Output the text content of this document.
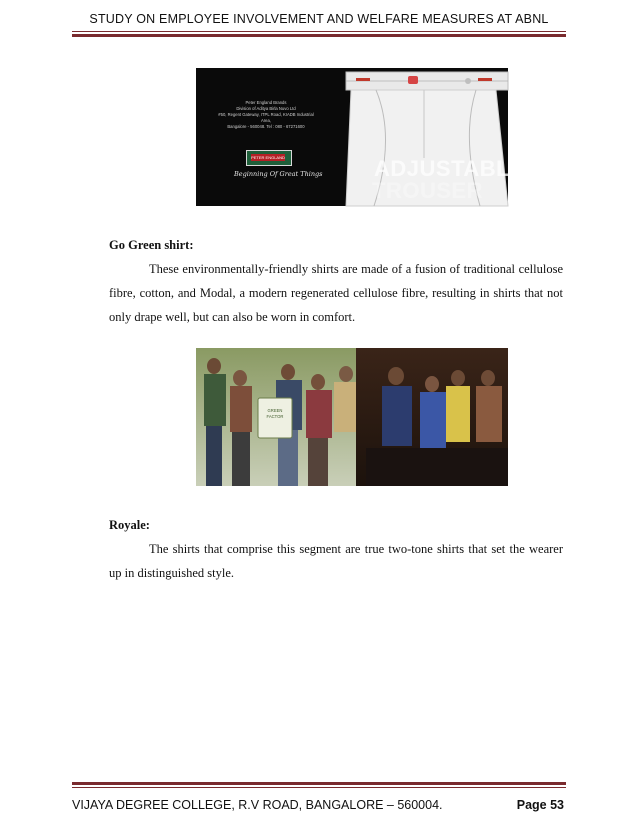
STUDY ON EMPLOYEE INVOLVEMENT AND WELFARE MEASURES AT ABNL
Peter England Brands
Division of Aditya Birla Nuvo Ltd
#50, Regent Gateway, ITPL Road, KIADB Industrial Area,
Bangalore - 560048. Tel : 080 - 67271600
PETER ENGLAND
Beginning Of Great Things ADJUSTABLE
TROUSER
Go Green shirt:
These environmentally-friendly shirts are made of a fusion of traditional cellulose fibre, cotton, and Modal, a modern regenerated cellulose fibre, resulting in shirts that not only drape well, but can also be worn in comfort.
GREEN
FACTOR
Royale:
The shirts that comprise this segment are true two-tone shirts that set the wearer up in distinguished style.
VIJAYA DEGREE COLLEGE, R.V ROAD, BANGALORE – 560004.	Page 53
